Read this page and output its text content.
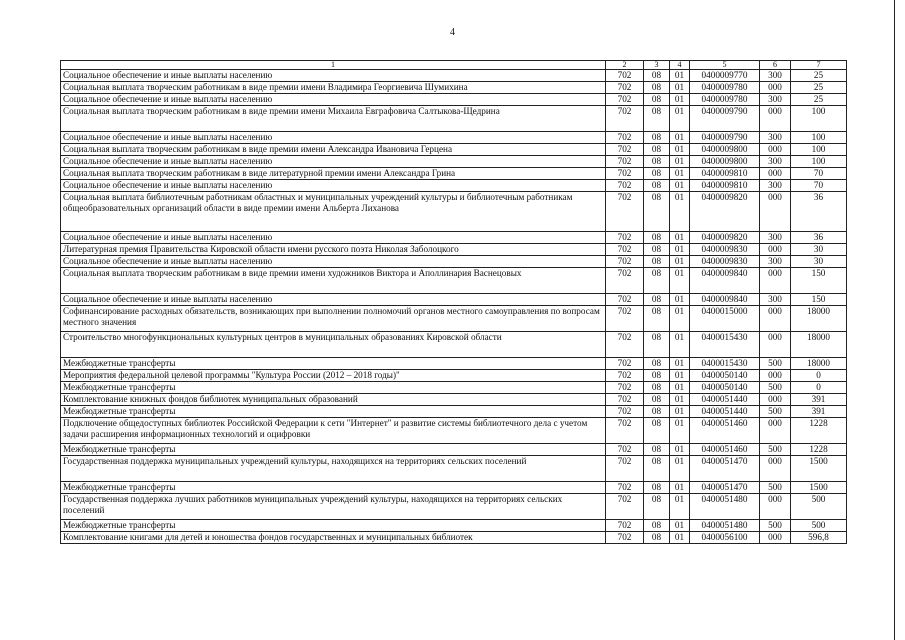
4
1	2	3	4	5	6	7
Социальное обеспечение и иные выплаты населению	702	08	01	0400009770	300	25
Социальная выплата творческим работникам в виде премии имени Владимира Георгиевича Шумихина	702	08	01	0400009780	000	25
Социальное обеспечение и иные выплаты населению	702	08	01	0400009780	300	25
Социальная выплата творческим работникам в виде премии имени Михаила Евграфовича Салтыкова-Щедрина	702	08	01	0400009790	000	100
Социальное обеспечение и иные выплаты населению	702	08	01	0400009790	300	100
Социальная выплата творческим работникам в виде премии имени Александра Ивановича Герцена	702	08	01	0400009800	000	100
Социальное обеспечение и иные выплаты населению	702	08	01	0400009800	300	100
Социальная выплата творческим работникам в виде литературной премии имени Александра Грина	702	08	01	0400009810	000	70
Социальное обеспечение и иные выплаты населению	702	08	01	0400009810	300	70
Социальная выплата библиотечным работникам областных и муниципальных учреждений культуры и библиотечным работникам общеобразовательных организаций области в виде премии имени Альберта Лиханова	702	08	01	0400009820	000	36
Социальное обеспечение и иные выплаты населению	702	08	01	0400009820	300	36
Литературная премия Правительства Кировской области имени русского поэта Николая Заболоцкого	702	08	01	0400009830	000	30
Социальное обеспечение и иные выплаты населению	702	08	01	0400009830	300	30
Социальная выплата творческим работникам в виде премии имени художников Виктора и Аполлинария Васнецовых	702	08	01	0400009840	000	150
Социальное обеспечение и иные выплаты населению	702	08	01	0400009840	300	150
Софинансирование расходных обязательств, возникающих при выполнении полномочий органов местного самоуправления по вопросам местного значения	702	08	01	0400015000	000	18000
Строительство многофункциональных культурных центров в муниципальных образованиях Кировской области	702	08	01	0400015430	000	18000
Межбюджетные трансферты	702	08	01	0400015430	500	18000
Мероприятия федеральной целевой программы "Культура России (2012 – 2018 годы)"	702	08	01	0400050140	000	0
Межбюджетные трансферты	702	08	01	0400050140	500	0
Комплектование книжных фондов библиотек муниципальных образований	702	08	01	0400051440	000	391
Межбюджетные трансферты	702	08	01	0400051440	500	391
Подключение общедоступных библиотек Российской Федерации к сети "Интернет" и развитие системы библиотечного дела с учетом задачи расширения информационных технологий и оцифровки	702	08	01	0400051460	000	1228
Межбюджетные трансферты	702	08	01	0400051460	500	1228
Государственная поддержка муниципальных учреждений культуры, находящихся на территориях сельских поселений	702	08	01	0400051470	000	1500
Межбюджетные трансферты	702	08	01	0400051470	500	1500
Государственная поддержка лучших работников муниципальных учреждений культуры, находящихся на территориях сельских поселений	702	08	01	0400051480	000	500
Межбюджетные трансферты	702	08	01	0400051480	500	500
Комплектование книгами для детей и юношества фондов государственных и муниципальных библиотек	702	08	01	0400056100	000	596,8
